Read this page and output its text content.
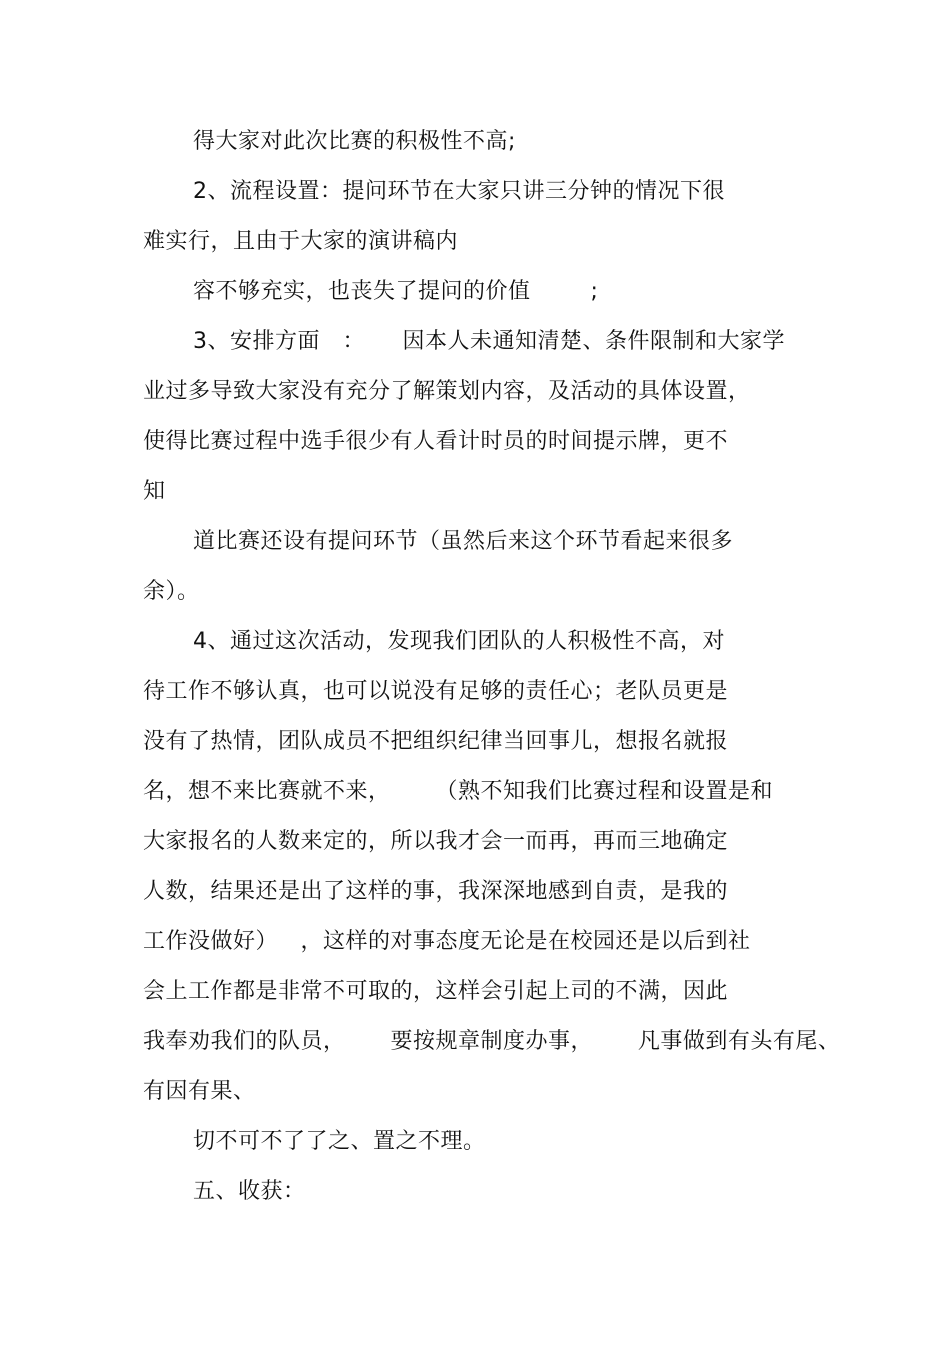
得大家对此次比赛的积极性不高;
2、流程设置：提问环节在大家只讲三分钟的情况下很
难实行，且由于大家的演讲稿内
容不够充实，也丧失了提问的价值        ;
3、安排方面   ：     因本人未通知清楚、条件限制和大家学
业过多导致大家没有充分了解策划内容，及活动的具体设置，
使得比赛过程中选手很少有人看计时员的时间提示牌，更不
知
道比赛还设有提问环节（虽然后来这个环节看起来很多
余）。
4、通过这次活动，发现我们团队的人积极性不高，对
待工作不够认真，也可以说没有足够的责任心；老队员更是
没有了热情，团队成员不把组织纪律当回事儿，想报名就报
名，想不来比赛就不来，      （熟不知我们比赛过程和设置是和
大家报名的人数来定的，所以我才会一而再，再而三地确定
人数，结果还是出了这样的事，我深深地感到自责，是我的
工作没做好）   ，这样的对事态度无论是在校园还是以后到社
会上工作都是非常不可取的，这样会引起上司的不满，因此
我奉劝我们的队员，      要按规章制度办事，      凡事做到有头有尾、
有因有果、
切不可不了了之、置之不理。
五、收获：
